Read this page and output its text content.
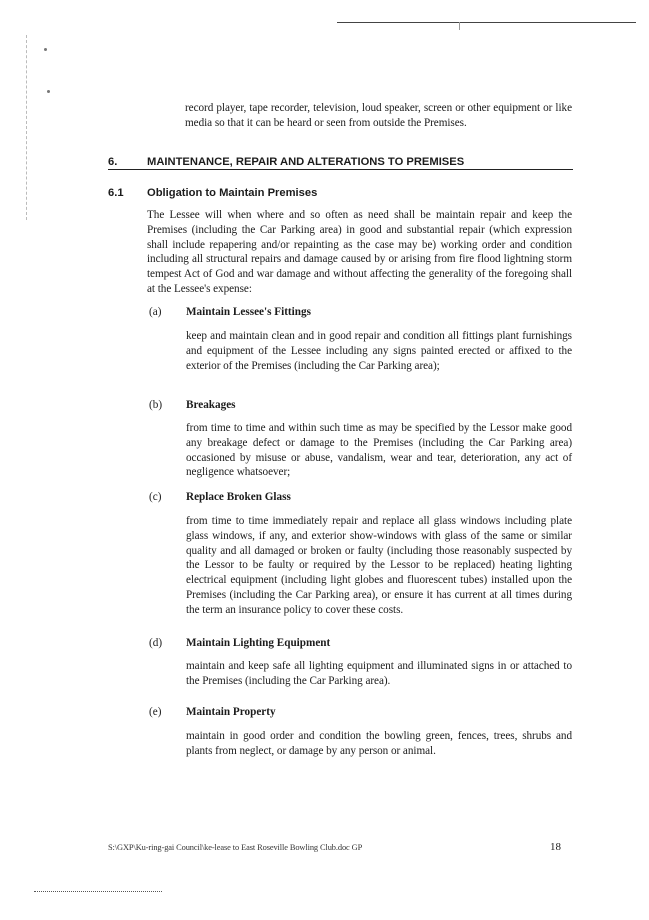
record player, tape recorder, television, loud speaker, screen or other equipment or like media so that it can be heard or seen from outside the Premises.

6.	MAINTENANCE, REPAIR AND ALTERATIONS TO PREMISES
6.1 Obligation to Maintain Premises

The Lessee will when where and so often as need shall be maintain repair and keep the Premises (including the Car Parking area) in good and substantial repair (which expression shall include repapering and/or repainting as the case may be) working order and condition including all structural repairs and damage caused by or arising from fire flood lightning storm tempest Act of God and war damage and without affecting the generality of the foregoing shall at the Lessee's expense:

(a) Maintain Lessee's Fittings

keep and maintain clean and in good repair and condition all fittings plant furnishings and equipment of the Lessee including any signs painted erected or affixed to the exterior of the Premises (including the Car Parking area);

(b) Breakages

from time to time and within such time as may be specified by the Lessor make good any breakage defect or damage to the Premises (including the Car Parking area) occasioned by misuse or abuse, vandalism, wear and tear, deterioration, any act of negligence whatsoever;

(c) Replace Broken Glass

from time to time immediately repair and replace all glass windows including plate glass windows, if any, and exterior show-windows with glass of the same or similar quality and all damaged or broken or faulty (including those reasonably suspected by the Lessor to be faulty or required by the Lessor to be replaced) heating lighting electrical equipment (including light globes and fluorescent tubes) installed upon the Premises (including the Car Parking area), or ensure it has current at all times during the term an insurance policy to cover these costs.

(d) Maintain Lighting Equipment

maintain and keep safe all lighting equipment and illuminated signs in or attached to the Premises (including the Car Parking area).

(e) Maintain Property

maintain in good order and condition the bowling green, fences, trees, shrubs and plants from neglect, or damage by any person or animal.

S:\GXP\Ku-ring-gai Council\ke-lease to East Roseville Bowling Club.doc GP	18
